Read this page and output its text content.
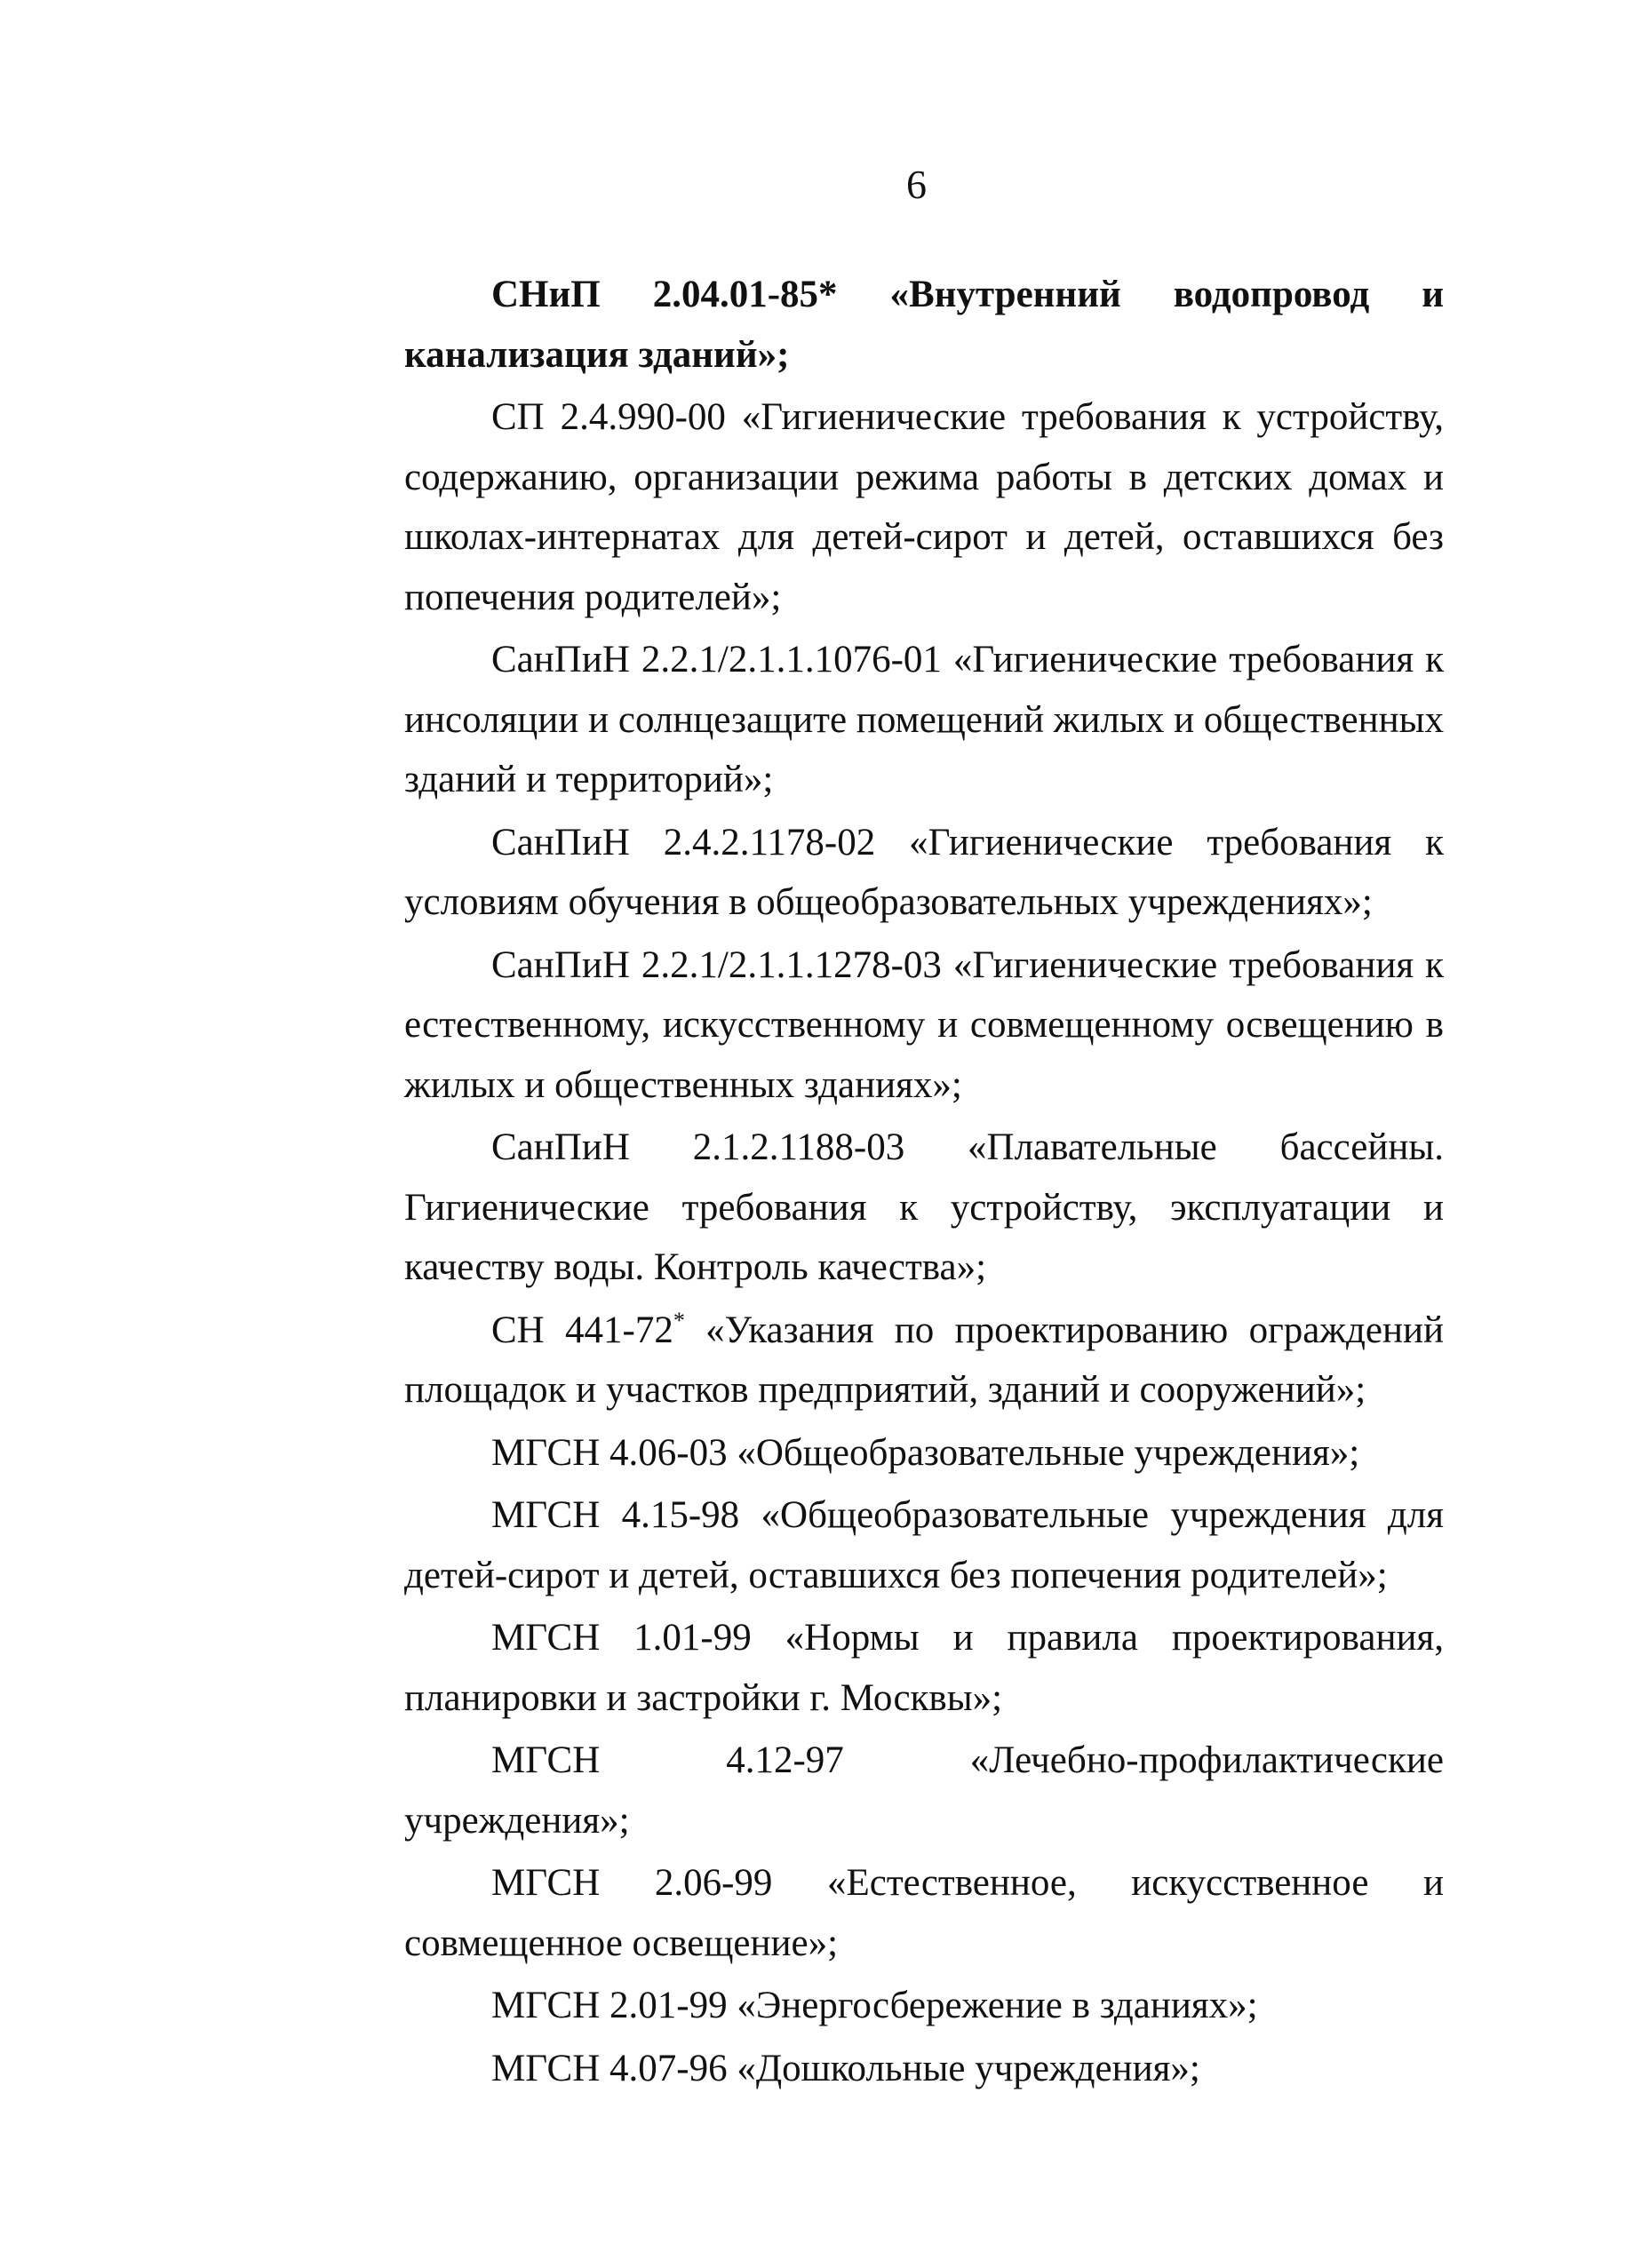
6

СНиП 2.04.01-85* «Внутренний водопровод и канализация зданий»;

СП 2.4.990-00 «Гигиенические требования к устройству, содержанию, организации режима работы в детских домах и школах-интернатах для детей-сирот и детей, оставшихся без попечения родителей»;

СанПиН 2.2.1/2.1.1.1076-01 «Гигиенические требования к инсоляции и солнцезащите помещений жилых и общественных зданий и территорий»;

СанПиН 2.4.2.1178-02 «Гигиенические требования к условиям обучения в общеобразовательных учреждениях»;

СанПиН 2.2.1/2.1.1.1278-03 «Гигиенические требования к естественному, искусственному и совмещенному освещению в жилых и общественных зданиях»;

СанПиН 2.1.2.1188-03 «Плавательные бассейны. Гигиенические требования к устройству, эксплуатации и качеству воды. Контроль качества»;

СН 441-72* «Указания по проектированию ограждений площадок и участков предприятий, зданий и сооружений»;

МГСН 4.06-03 «Общеобразовательные учреждения»;

МГСН 4.15-98 «Общеобразовательные учреждения для детей-сирот и детей, оставшихся без попечения родителей»;

МГСН 1.01-99 «Нормы и правила проектирования, планировки и застройки г. Москвы»;

МГСН 4.12-97	«Лечебно-профилактические учреждения»;

МГСН 2.06-99 «Естественное, искусственное и совмещенное освещение»;

МГСН 2.01-99 «Энергосбережение в зданиях»;

МГСН 4.07-96 «Дошкольные учреждения»;
